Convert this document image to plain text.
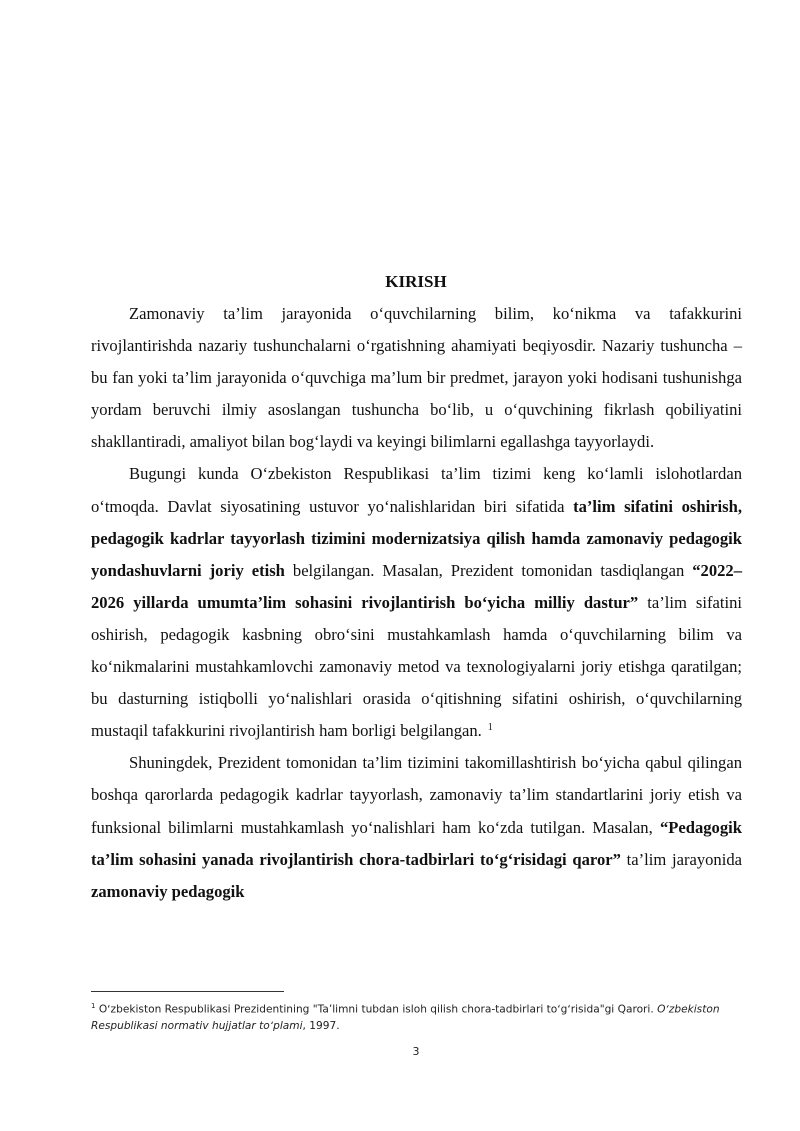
KIRISH

Zamonaviy ta’lim jarayonida oʻquvchilarning bilim, koʻnikma va tafakkurini rivojlantirishda nazariy tushunchalarni oʻrgatishning ahamiyati beqiyosdir. Nazariy tushuncha – bu fan yoki ta’lim jarayonida oʻquvchiga ma’lum bir predmet, jarayon yoki hodisani tushunishga yordam beruvchi ilmiy asoslangan tushuncha boʻlib, u oʻquvchining fikrlash qobiliyatini shakllantiradi, amaliyot bilan bogʻlaydi va keyingi bilimlarni egallashga tayyorlaydi.

Bugungi kunda Oʻzbekiston Respublikasi ta’lim tizimi keng koʻlamli islohotlardan oʻtmoqda. Davlat siyosatining ustuvor yoʻnalishlaridan biri sifatida ta’lim sifatini oshirish, pedagogik kadrlar tayyorlash tizimini modernizatsiya qilish hamda zamonaviy pedagogik yondashuvlarni joriy etish belgilangan. Masalan, Prezident tomonidan tasdiqlangan “2022–2026 yillarda umumta’lim sohasini rivojlantirish boʻyicha milliy dastur” ta’lim sifatini oshirish, pedagogik kasbning obroʻsini mustahkamlash hamda oʻquvchilarning bilim va koʻnikmalarini mustahkamlovchi zamonaviy metod va texnologiyalarni joriy etishga qaratilgan; bu dasturning istiqbolli yoʻnalishlari orasida oʻqitishning sifatini oshirish, oʻquvchilarning mustaqil tafakkurini rivojlantirish ham borligi belgilangan. $^1$

Shuningdek, Prezident tomonidan ta’lim tizimini takomillashtirish boʻyicha qabul qilingan boshqa qarorlarda pedagogik kadrlar tayyorlash, zamonaviy ta’lim standartlarini joriy etish va funksional bilimlarni mustahkamlash yoʻnalishlari ham koʻzda tutilgan. Masalan, “Pedagogik ta’lim sohasini yanada rivojlantirish chora-tadbirlari toʻgʻrisidagi qaror” ta’lim jarayonida zamonaviy pedagogik

$^1$ Oʻzbekiston Respublikasi Prezidentining "Ta’limni tubdan isloh qilish chora-tadbirlari toʻgʻrisida"gi Qarori. Oʻzbekiston Respublikasi normativ hujjatlar toʻplami, 1997.
3
